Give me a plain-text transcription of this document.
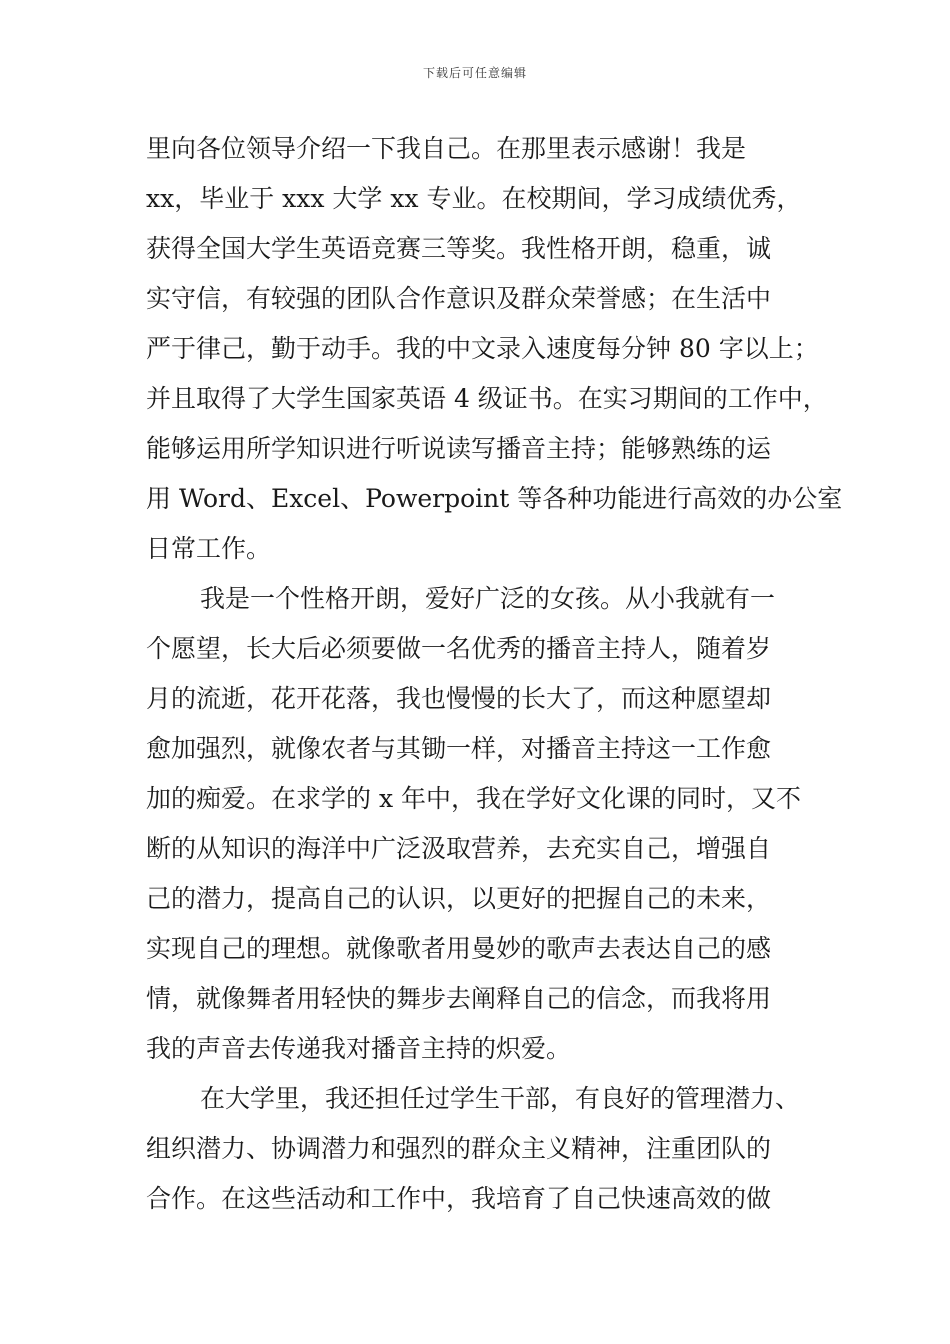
下载后可任意编辑
里向各位领导介绍一下我自己。在那里表示感谢！我是
xx，毕业于 xxx 大学 xx 专业。在校期间，学习成绩优秀，
获得全国大学生英语竞赛三等奖。我性格开朗，稳重，诚
实守信，有较强的团队合作意识及群众荣誉感；在生活中
严于律己，勤于动手。我的中文录入速度每分钟 80 字以上；
并且取得了大学生国家英语 4 级证书。在实习期间的工作中，
能够运用所学知识进行听说读写播音主持；能够熟练的运
用 Word、Excel、Powerpoint 等各种功能进行高效的办公室
日常工作。
我是一个性格开朗，爱好广泛的女孩。从小我就有一
个愿望，长大后必须要做一名优秀的播音主持人，随着岁
月的流逝，花开花落，我也慢慢的长大了，而这种愿望却
愈加强烈，就像农者与其锄一样，对播音主持这一工作愈
加的痴爱。在求学的 x 年中，我在学好文化课的同时，又不
断的从知识的海洋中广泛汲取营养，去充实自己，增强自
己的潜力，提高自己的认识，以更好的把握自己的未来，
实现自己的理想。就像歌者用曼妙的歌声去表达自己的感
情，就像舞者用轻快的舞步去阐释自己的信念，而我将用
我的声音去传递我对播音主持的炽爱。
在大学里，我还担任过学生干部，有良好的管理潜力、
组织潜力、协调潜力和强烈的群众主义精神，注重团队的
合作。在这些活动和工作中，我培育了自己快速高效的做
